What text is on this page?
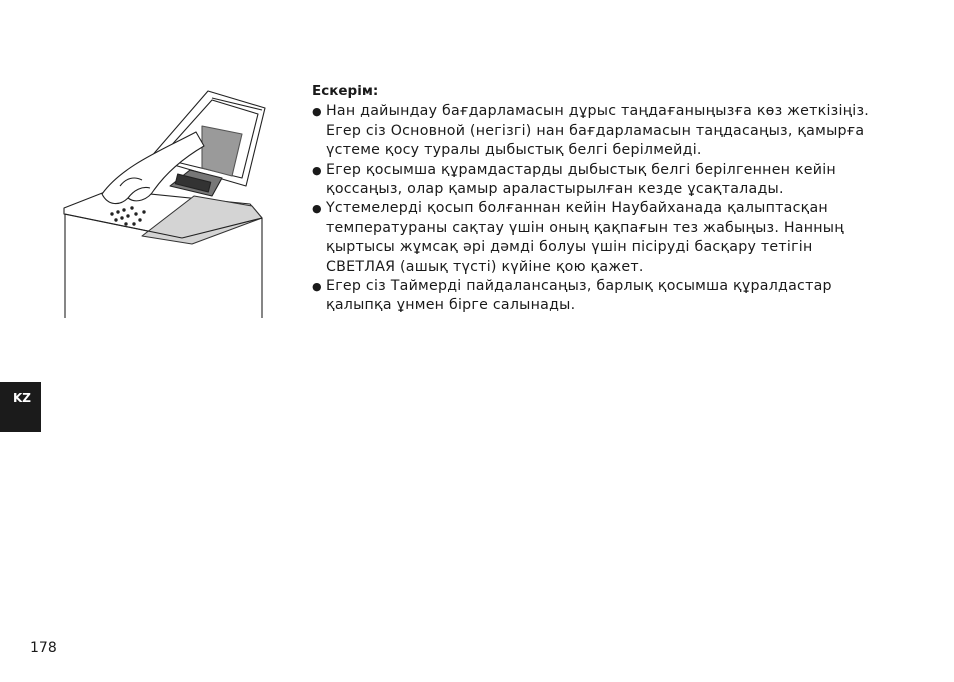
Ескерім:
● Нан дайындау бағдарламасын дұрыс таңдағаныңызға көз жеткізіңіз.
Егер сіз Основной (негізгі) нан бағдарламасын таңдасаңыз, қамырға
үстеме қосу туралы дыбыстық белгі берілмейді.
● Егер қосымша құрамдастарды дыбыстық белгі берілгеннен кейін
қоссаңыз, олар қамыр араластырылған кезде ұсақталады.
● Үстемелерді қосып болғаннан кейін Наубайханада қалыптасқан
температураны сақтау үшін оның қақпағын тез жабыңыз. Нанның
қыртысы жұмсақ әрі дәмді болуы үшін пісіруді басқару тетігін
СВЕТЛАЯ (ашық түсті) күйіне қою қажет.
● Егер сіз Таймерді пайдалансаңыз, барлық қосымша құралдастар
қалыпқа ұнмен бірге салынады.
KZ
178
